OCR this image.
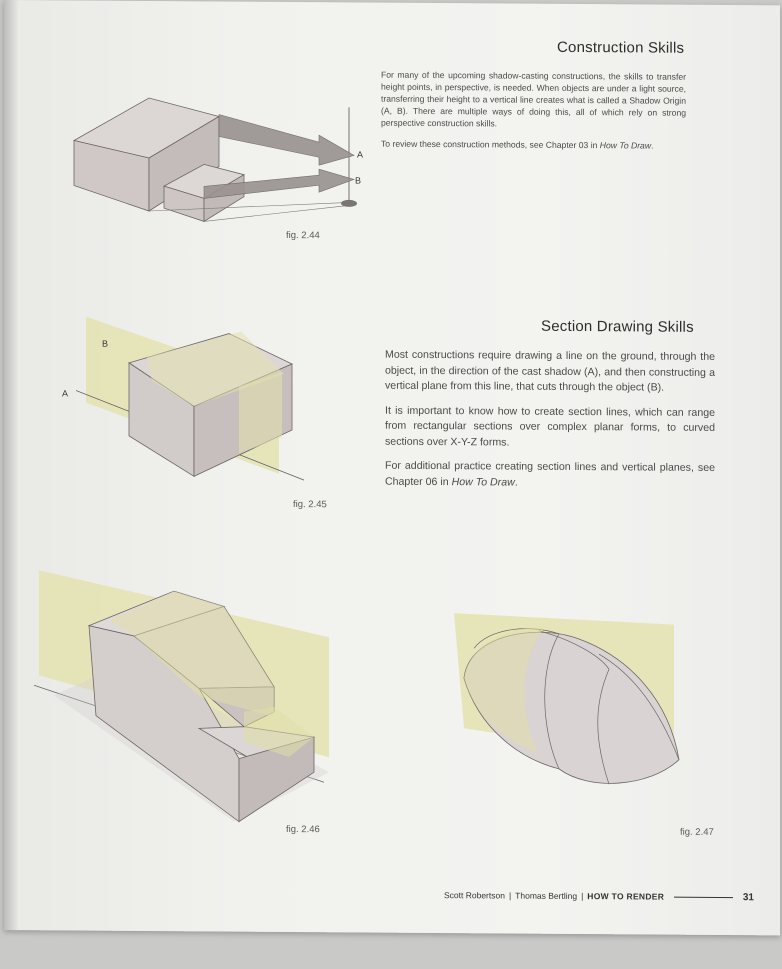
A
B
fig. 2.44
Construction Skills

For many of the upcoming shadow-casting constructions, the skills to transfer height points, in perspective, is needed. When objects are under a light source, transferring their height to a vertical line creates what is called a Shadow Origin (A, B). There are multiple ways of doing this, all of which rely on strong perspective construction skills.

To review these construction methods, see Chapter 03 in How To Draw.

B
A
fig. 2.45
Section Drawing Skills

Most constructions require drawing a line on the ground, through the object, in the direction of the cast shadow (A), and then constructing a vertical plane from this line, that cuts through the object (B).

It is important to know how to create section lines, which can range from rectangular sections over complex planar forms, to curved sections over X-Y-Z forms.

For additional practice creating section lines and vertical planes, see Chapter 06 in How To Draw.

fig. 2.46	fig. 2.47
Scott Robertson | Thomas Bertling | HOW TO RENDER	31
